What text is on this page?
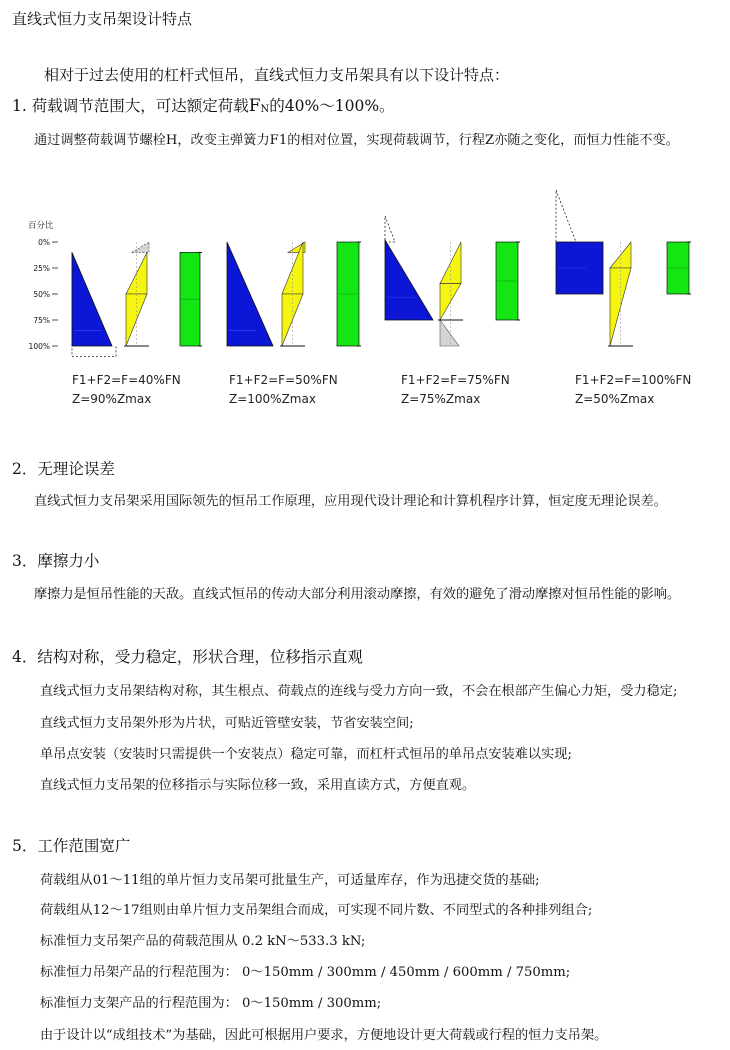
直线式恒力支吊架设计特点
相对于过去使用的杠杆式恒吊，直线式恒力支吊架具有以下设计特点：
1. 荷载调节范围大，可达额定荷载$F_N$的40%～100%。
通过调整荷载调节螺栓H，改变主弹簧力F1的相对位置，实现荷载调节，行程Z亦随之变化，而恒力性能不变。
百分比
0%
25%
50%
75%
100%
F1+F2=F=40%FN
Z=90%Zmax
F1+F2=F=50%FN
Z=100%Zmax
F1+F2=F=75%FN
Z=75%Zmax
F1+F2=F=100%FN
Z=50%Zmax
2．无理论误差
直线式恒力支吊架采用国际领先的恒吊工作原理，应用现代设计理论和计算机程序计算，恒定度无理论误差。
3．摩擦力小
摩擦力是恒吊性能的天敌。直线式恒吊的传动大部分利用滚动摩擦，有效的避免了滑动摩擦对恒吊性能的影响。
4．结构对称，受力稳定，形状合理，位移指示直观
直线式恒力支吊架结构对称，其生根点、荷载点的连线与受力方向一致，不会在根部产生偏心力矩，受力稳定;
直线式恒力支吊架外形为片状，可贴近管壁安装，节省安装空间;
单吊点安装（安装时只需提供一个安装点）稳定可靠，而杠杆式恒吊的单吊点安装难以实现;
直线式恒力支吊架的位移指示与实际位移一致，采用直读方式，方便直观。
5．工作范围宽广
荷载组从01～11组的单片恒力支吊架可批量生产，可适量库存，作为迅捷交货的基础;
荷载组从12～17组则由单片恒力支吊架组合而成，可实现不同片数、不同型式的各种排列组合;
标准恒力支吊架产品的荷载范围从 0.2 kN～533.3 kN;
标准恒力吊架产品的行程范围为： 0～150mm / 300mm / 450mm / 600mm / 750mm;
标准恒力支架产品的行程范围为： 0～150mm / 300mm;
由于设计以“成组技术”为基础，因此可根据用户要求，方便地设计更大荷载或行程的恒力支吊架。
